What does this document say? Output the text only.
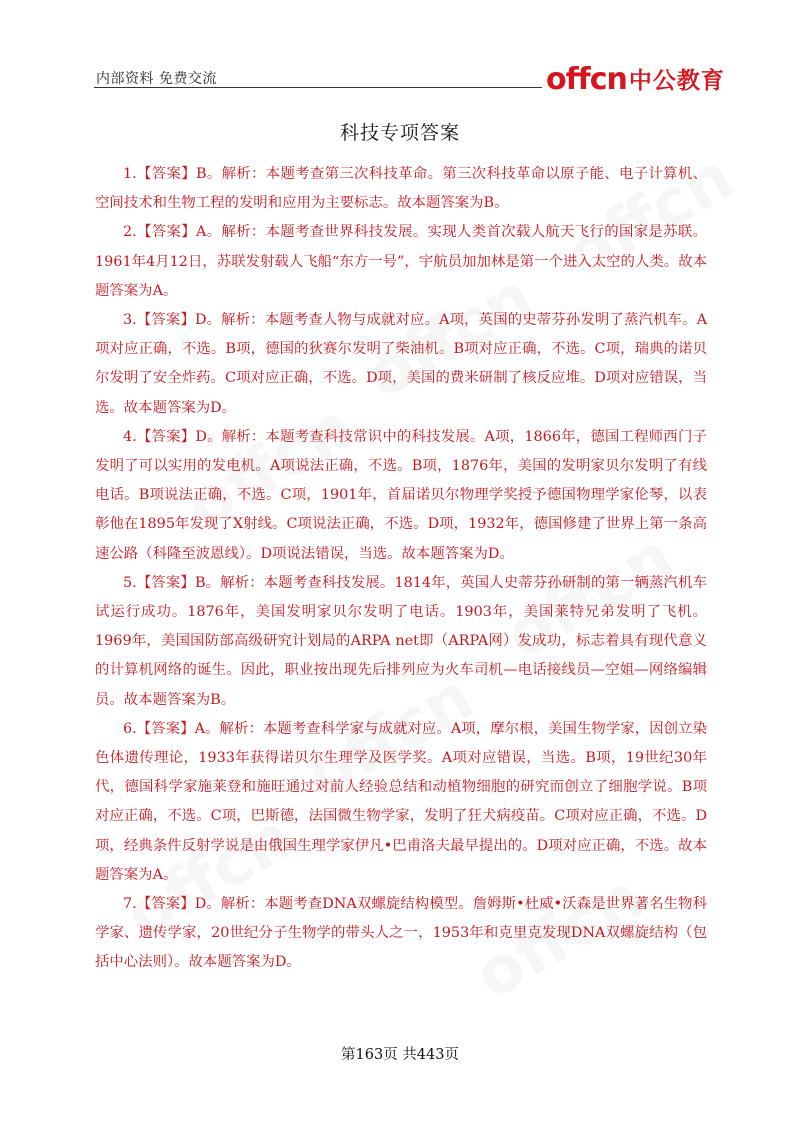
内部资料 免费交流	offcn 中公教育
科技专项答案

1.【答案】B。解析：本题考查第三次科技革命。第三次科技革命以原子能、电子计算机、空间技术和生物工程的发明和应用为主要标志。故本题答案为B。

2.【答案】A。解析：本题考查世界科技发展。实现人类首次载人航天飞行的国家是苏联。1961年4月12日，苏联发射载人飞船“东方一号”，宇航员加加林是第一个进入太空的人类。故本题答案为A。

3.【答案】D。解析：本题考查人物与成就对应。A项，英国的史蒂芬孙发明了蒸汽机车。A项对应正确，不选。B项，德国的狄赛尔发明了柴油机。B项对应正确，不选。C项，瑞典的诺贝尔发明了安全炸药。C项对应正确，不选。D项，美国的费米研制了核反应堆。D项对应错误，当选。故本题答案为D。

4.【答案】D。解析：本题考查科技常识中的科技发展。A项，1866年，德国工程师西门子发明了可以实用的发电机。A项说法正确，不选。B项，1876年，美国的发明家贝尔发明了有线电话。B项说法正确，不选。C项，1901年，首届诺贝尔物理学奖授予德国物理学家伦琴，以表彰他在1895年发现了X射线。C项说法正确，不选。D项，1932年，德国修建了世界上第一条高速公路（科隆至波恩线）。D项说法错误，当选。故本题答案为D。

5.【答案】B。解析：本题考查科技发展。1814年，英国人史蒂芬孙研制的第一辆蒸汽机车试运行成功。1876年，美国发明家贝尔发明了电话。1903年，美国莱特兄弟发明了飞机。1969年，美国国防部高级研究计划局的ARPA net即（ARPA网）发成功，标志着具有现代意义的计算机网络的诞生。因此，职业按出现先后排列应为火车司机—电话接线员—空姐—网络编辑员。故本题答案为B。

6.【答案】A。解析：本题考查科学家与成就对应。A项，摩尔根，美国生物学家，因创立染色体遗传理论，1933年获得诺贝尔生理学及医学奖。A项对应错误，当选。B项，19世纪30年代，德国科学家施莱登和施旺通过对前人经验总结和动植物细胞的研究而创立了细胞学说。B项对应正确，不选。C项，巴斯德，法国微生物学家，发明了狂犬病疫苗。C项对应正确，不选。D项，经典条件反射学说是由俄国生理学家伊凡•巴甫洛夫最早提出的。D项对应正确，不选。故本题答案为A。

7.【答案】D。解析：本题考查DNA双螺旋结构模型。詹姆斯•杜威•沃森是世界著名生物科学家、遗传学家，20世纪分子生物学的带头人之一，1953年和克里克发现DNA双螺旋结构（包括中心法则）。故本题答案为D。

第163页 共443页
